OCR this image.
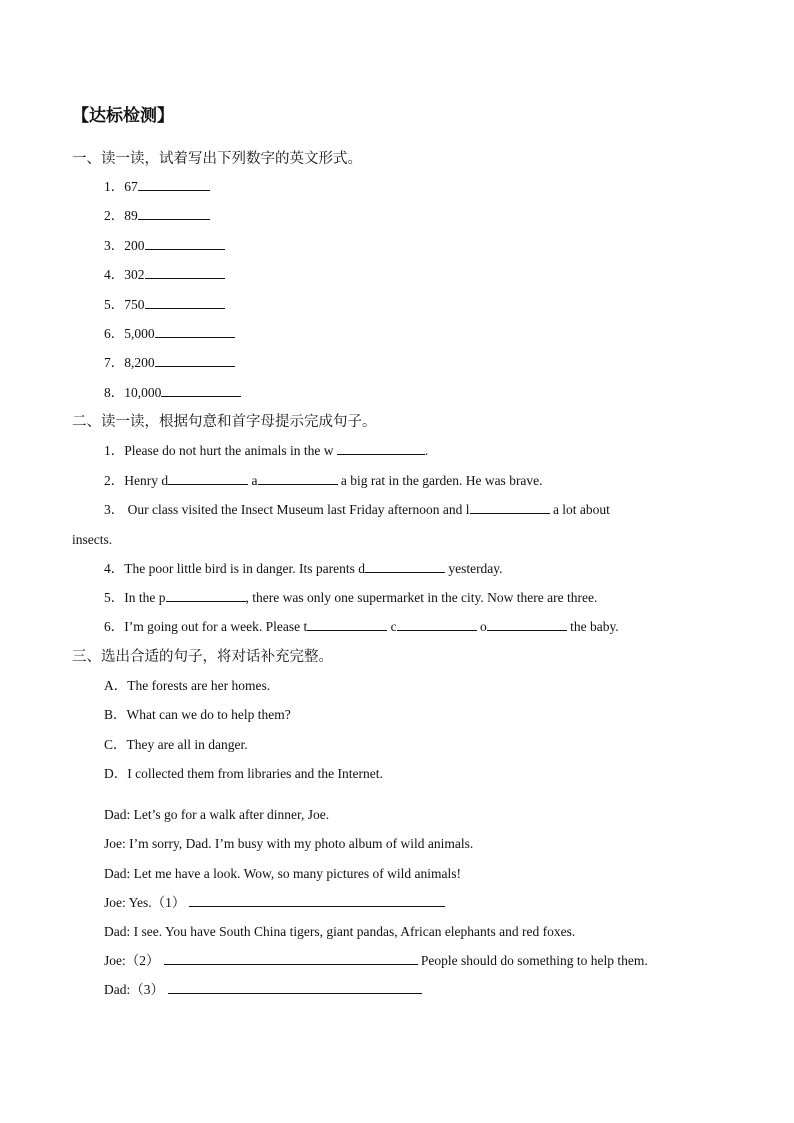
【达标检测】
一、读一读，试着写出下列数字的英文形式。
1．67
2．89
3．200
4．302
5．750
6．5,000
7．8,200
8．10,000
二、读一读，根据句意和首字母提示完成句子。
1．Please do not hurt the animals in the w	.
2．Henry d	a	a big rat in the garden. He was brave.
3． Our class visited the Insect Museum last Friday afternoon and l	a lot about
insects.
4．The poor little bird is in danger. Its parents d	yesterday.
5．In the p	, there was only one supermarket in the city. Now there are three.
6．I’m going out for a week. Please t	c	o	the baby.
三、选出合适的句子，将对话补充完整。
A．The forests are her homes.
B．What can we do to help them?
C．They are all in danger.
D．I collected them from libraries and the Internet.
Dad: Let’s go for a walk after dinner, Joe.
Joe: I’m sorry, Dad. I’m busy with my photo album of wild animals.
Dad: Let me have a look. Wow, so many pictures of wild animals!
Joe: Yes.（1）
Dad: I see. You have South China tigers, giant pandas, African elephants and red foxes.
Joe:（2）	People should do something to help them.
Dad:（3）
